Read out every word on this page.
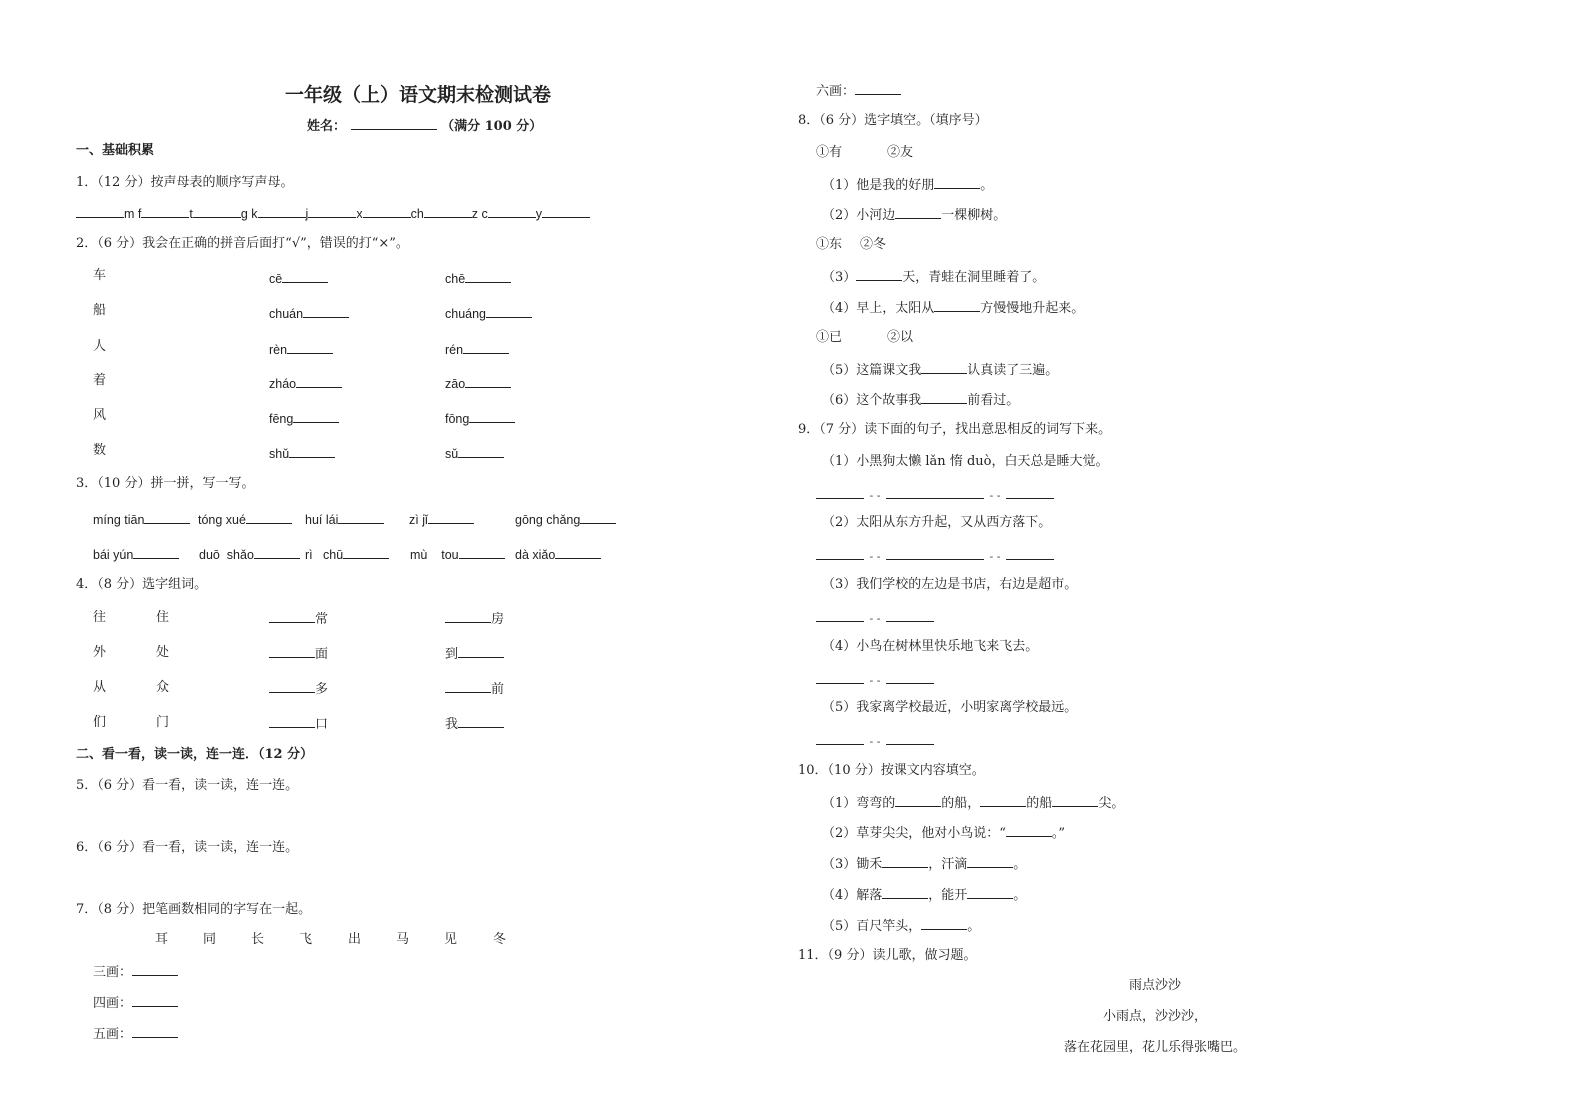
一年级（上）语文期末检测试卷
姓名：	（满分 100 分）
一、基础积累
1．（12 分）按声母表的顺序写声母。
m f	t	g k	j	x	ch	z c	y
2．（6 分）我会在正确的拼音后面打“√”，错误的打“×”。
车	cē	chē
船	chuán	chuáng
人	rèn	rén
着	zháo	zāo
风	fēng	fōng
数	shǔ	sǔ
3．（10 分）拼一拼，写一写。
míng tiān	tóng xué	huí lái	zì jǐ	gōng chǎng
bái yún	duō  shǎo	rì   chū	mù    tou	dà xiǎo
4．（8 分）选字组词。
往	住	常	房
外	处	面	到
从	众	多	前
们	门	口	我
二、看一看，读一读，连一连．（12 分）
5．（6 分）看一看，读一读，连一连。
6．（6 分）看一看，读一读，连一连。
7．（8 分）把笔画数相同的字写在一起。
耳	同	长	飞	出	马	见	冬
三画：
四画：
五画：
六画：
8．（6 分）选字填空。（填序号）
①有	②友
（1）他是我的好朋	。
（2）小河边	一棵柳树。
①东 ②冬
（3）	天，青蛙在洞里睡着了。
（4）早上，太阳从	方慢慢地升起来。
①已	②以
（5）这篇课文我	认真读了三遍。
（6）这个故事我	前看过。
9．（7 分）读下面的句子，找出意思相反的词写下来。
（1）小黑狗太懒 lǎn 惰 duò，白天总是睡大觉。
- -	- -
（2）太阳从东方升起，又从西方落下。
- -	- -
（3）我们学校的左边是书店，右边是超市。
- -
（4）小鸟在树林里快乐地飞来飞去。
- -
（5）我家离学校最近，小明家离学校最远。
- -
10．（10 分）按课文内容填空。
（1）弯弯的	的船，	的船	尖。
（2）草芽尖尖，他对小鸟说：“	。”
（3）锄禾	，汗滴	。
（4）解落	，能开	。
（5）百尺竿头，	。
11．（9 分）读儿歌，做习题。
雨点沙沙
小雨点，沙沙沙，
落在花园里，花儿乐得张嘴巴。
